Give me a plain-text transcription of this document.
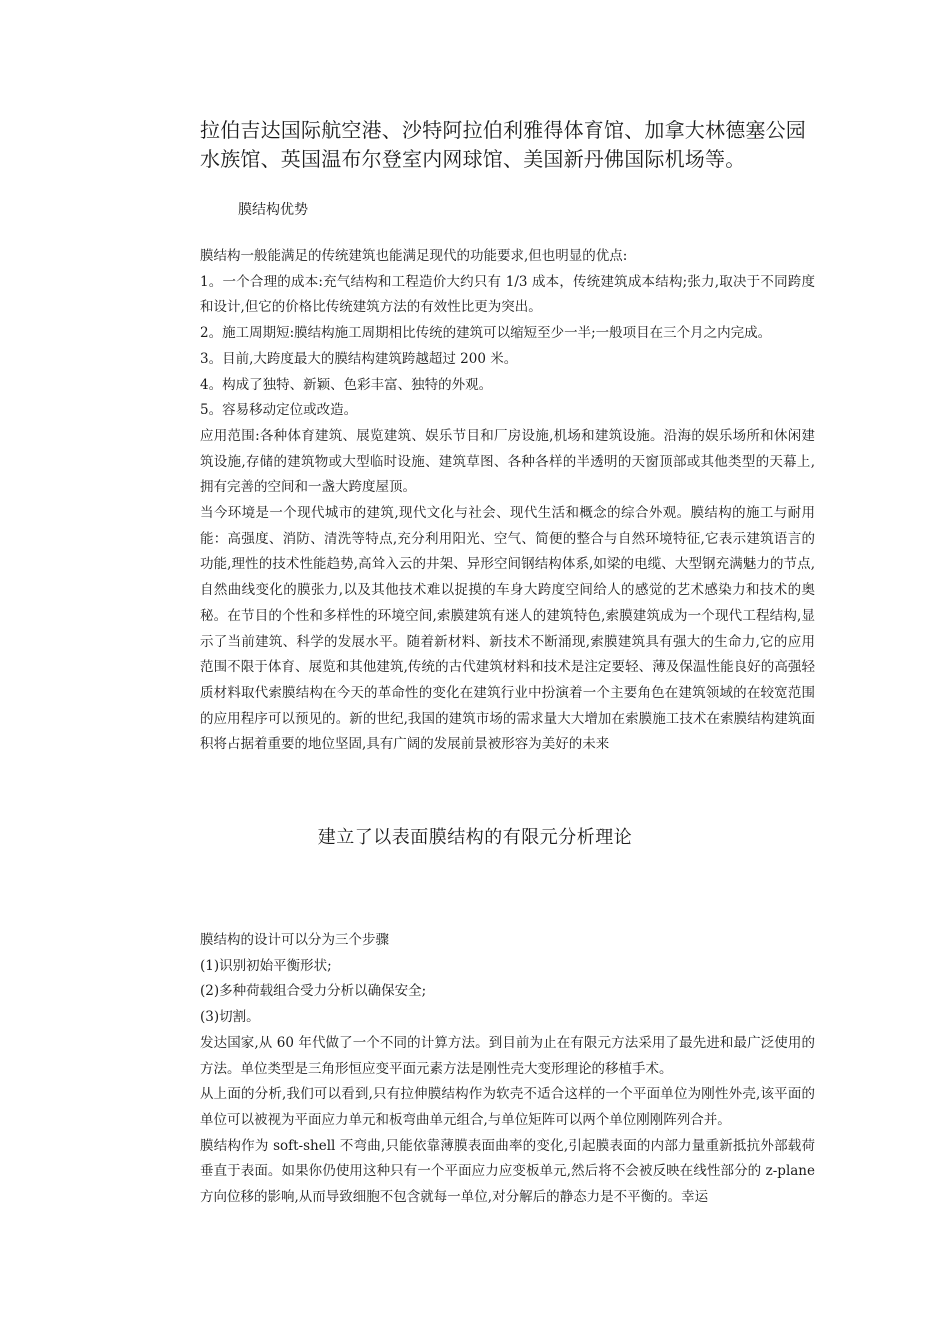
拉伯吉达国际航空港、沙特阿拉伯利雅得体育馆、加拿大林德塞公园水族馆、英国温布尔登室内网球馆、美国新丹佛国际机场等。

膜结构优势

膜结构一般能满足的传统建筑也能满足现代的功能要求,但也明显的优点:

1。一个合理的成本:充气结构和工程造价大约只有 1/3 成本，传统建筑成本结构;张力,取决于不同跨度和设计,但它的价格比传统建筑方法的有效性比更为突出。

2。施工周期短:膜结构施工周期相比传统的建筑可以缩短至少一半;一般项目在三个月之内完成。

3。目前,大跨度最大的膜结构建筑跨越超过 200 米。

4。构成了独特、新颖、色彩丰富、独特的外观。

5。容易移动定位或改造。

应用范围:各种体育建筑、展览建筑、娱乐节目和厂房设施,机场和建筑设施。沿海的娱乐场所和休闲建筑设施,存储的建筑物或大型临时设施、建筑草图、各种各样的半透明的天窗顶部或其他类型的天幕上,拥有完善的空间和一盏大跨度屋顶。

当今环境是一个现代城市的建筑,现代文化与社会、现代生活和概念的综合外观。膜结构的施工与耐用能：高强度、消防、清洗等特点,充分利用阳光、空气、简便的整合与自然环境特征,它表示建筑语言的功能,理性的技术性能趋势,高耸入云的井架、异形空间钢结构体系,如梁的电缆、大型钢充满魅力的节点,自然曲线变化的膜张力,以及其他技术难以捉摸的车身大跨度空间给人的感觉的艺术感染力和技术的奥秘。在节目的个性和多样性的环境空间,索膜建筑有迷人的建筑特色,索膜建筑成为一个现代工程结构,显示了当前建筑、科学的发展水平。随着新材料、新技术不断涌现,索膜建筑具有强大的生命力,它的应用范围不限于体育、展览和其他建筑,传统的古代建筑材料和技术是注定要轻、薄及保温性能良好的高强轻质材料取代索膜结构在今天的革命性的变化在建筑行业中扮演着一个主要角色在建筑领域的在较宽范围的应用程序可以预见的。新的世纪,我国的建筑市场的需求量大大增加在索膜施工技术在索膜结构建筑面积将占据着重要的地位坚固,具有广阔的发展前景被形容为美好的未来

建立了以表面膜结构的有限元分析理论

膜结构的设计可以分为三个步骤

(1)识别初始平衡形状;

(2)多种荷载组合受力分析以确保安全;

(3)切割。

发达国家,从 60 年代做了一个不同的计算方法。到目前为止在有限元方法采用了最先进和最广泛使用的方法。单位类型是三角形恒应变平面元素方法是刚性壳大变形理论的移植手术。

从上面的分析,我们可以看到,只有拉伸膜结构作为软壳不适合这样的一个平面单位为刚性外壳,该平面的单位可以被视为平面应力单元和板弯曲单元组合,与单位矩阵可以两个单位刚刚阵列合并。

膜结构作为 soft-shell 不弯曲,只能依靠薄膜表面曲率的变化,引起膜表面的内部力量重新抵抗外部载荷垂直于表面。如果你仍使用这种只有一个平面应力应变板单元,然后将不会被反映在线性部分的 z-plane 方向位移的影响,从而导致细胞不包含就每一单位,对分解后的静态力是不平衡的。幸运
